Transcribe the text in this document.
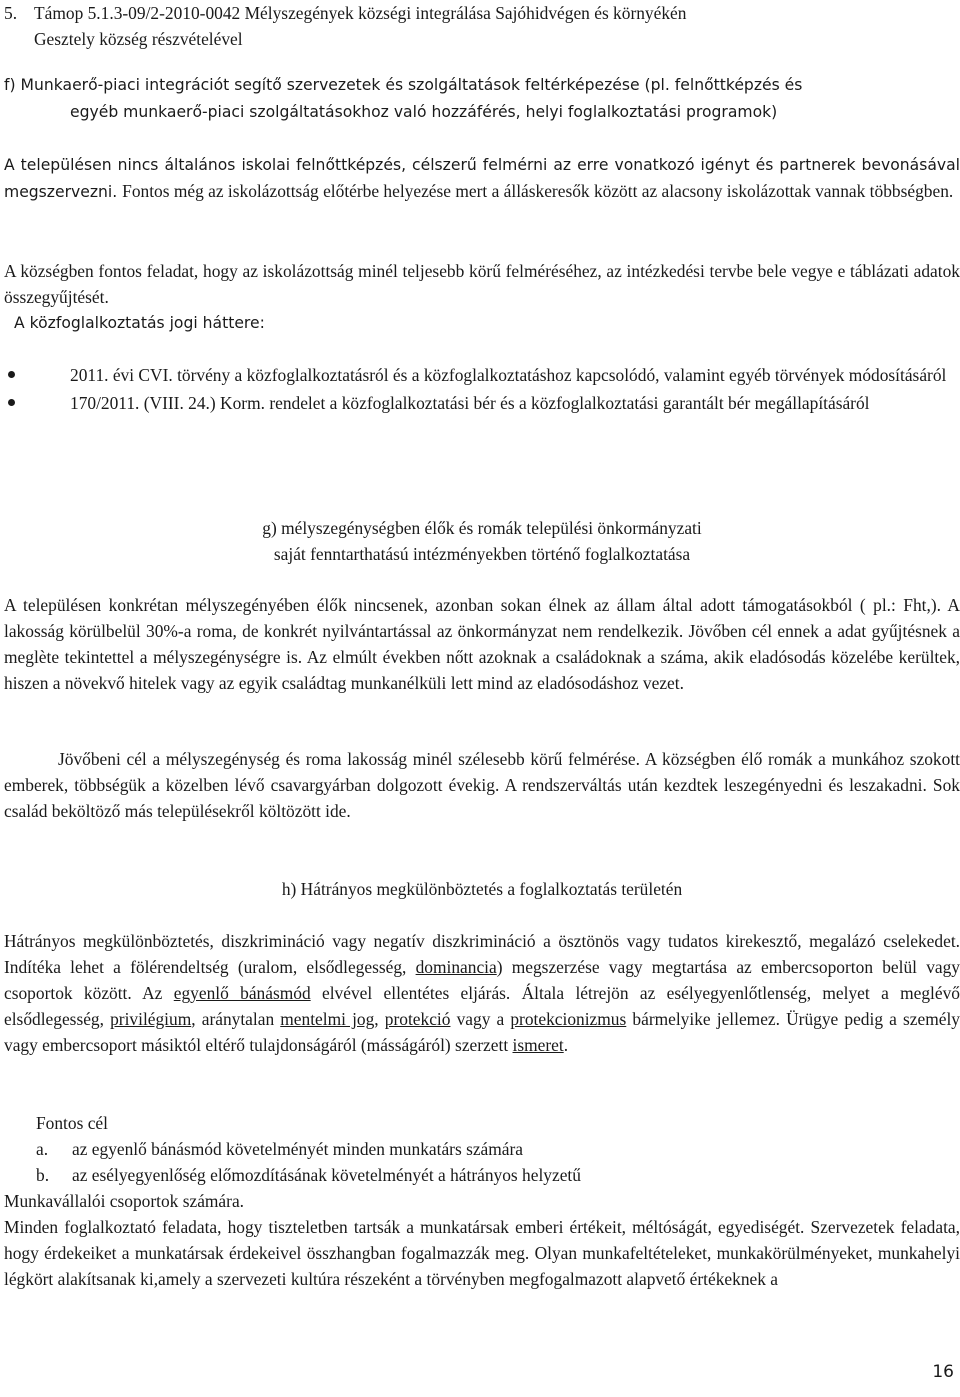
5. Támop 5.1.3-09/2-2010-0042 Mélyszegények községi integrálása Sajóhidvégen és környékén
Gesztely község részvételével
f) Munkaerő-piaci integrációt segítő szervezetek és szolgáltatások feltérképezése (pl. felnőttképzés és
egyéb munkaerő-piaci szolgáltatásokhoz való hozzáférés, helyi foglalkoztatási programok)

A településen nincs általános iskolai felnőttképzés, célszerű felmérni az erre vonatkozó igényt és partnerek bevonásával megszervezni. Fontos még az iskolázottság előtérbe helyezése mert a álláskeresők között az alacsony iskolázottak vannak többségben.

A községben fontos feladat, hogy az iskolázottság minél teljesebb körű felméréséhez, az intézkedési tervbe bele vegye e táblázati adatok összegyűjtését.

A közfoglalkoztatás jogi háttere:

2011. évi CVI. törvény a közfoglalkoztatásról és a közfoglalkoztatáshoz kapcsolódó, valamint egyéb törvények módosításáról
170/2011. (VIII. 24.) Korm. rendelet a közfoglalkoztatási bér és a közfoglalkoztatási garantált bér megállapításáról
g) mélyszegénységben élők és romák települési önkormányzati
saját fenntarthatású intézményekben történő foglalkoztatása

A településen konkrétan mélyszegényében élők nincsenek, azonban sokan élnek az állam által adott támogatásokból ( pl.: Fht,). A lakosság körülbelül 30%-a roma, de konkrét nyilvántartással az önkormányzat nem rendelkezik. Jövőben cél ennek a adat gyűjtésnek a meglète tekintettel a mélyszegénységre is. Az elmúlt években nőtt azoknak a családoknak a száma, akik eladósodás közelébe kerültek, hiszen a növekvő hitelek vagy az egyik családtag munkanélküli lett mind az eladósodáshoz vezet.

Jövőbeni cél a mélyszegénység és roma lakosság minél szélesebb körű felmérése. A községben élő romák a munkához szokott emberek, többségük a közelben lévő csavargyárban dolgozott évekig. A rendszerváltás után kezdtek leszegényedni és leszakadni. Sok család beköltöző más településekről költözött ide.

h) Hátrányos megkülönböztetés a foglalkoztatás területén

Hátrányos megkülönböztetés, diszkrimináció vagy negatív diszkrimináció a ösztönös vagy tudatos kirekesztő, megalázó cselekedet. Indítéka lehet a fölérendeltség (uralom, elsődlegesség, dominancia) megszerzése vagy megtartása az embercsoporton belül vagy csoportok között. Az egyenlő bánásmód elvével ellentétes eljárás. Általa létrejön az esélyegyenlőtlenség, melyet a meglévő elsődlegesség, privilégium, aránytalan mentelmi jog, protekció vagy a protekcionizmus bármelyike jellemez. Ürügye pedig a személy vagy embercsoport másiktól eltérő tulajdonságáról (másságáról) szerzett ismeret.

Fontos cél
a.	az egyenlő bánásmód követelményét minden munkatárs számára
b.	az esélyegyenlőség előmozdításának követelményét a hátrányos helyzetű
Munkavállalói csoportok számára.

Minden foglalkoztató feladata, hogy tiszteletben tartsák a munkatársak emberi értékeit, méltóságát, egyediségét. Szervezetek feladata, hogy érdekeiket a munkatársak érdekeivel összhangban fogalmazzák meg. Olyan munkafeltételeket, munkakörülményeket, munkahelyi légkört alakítsanak ki,amely a szervezeti kultúra részeként a törvényben megfogalmazott alapvető értékeknek a

16
